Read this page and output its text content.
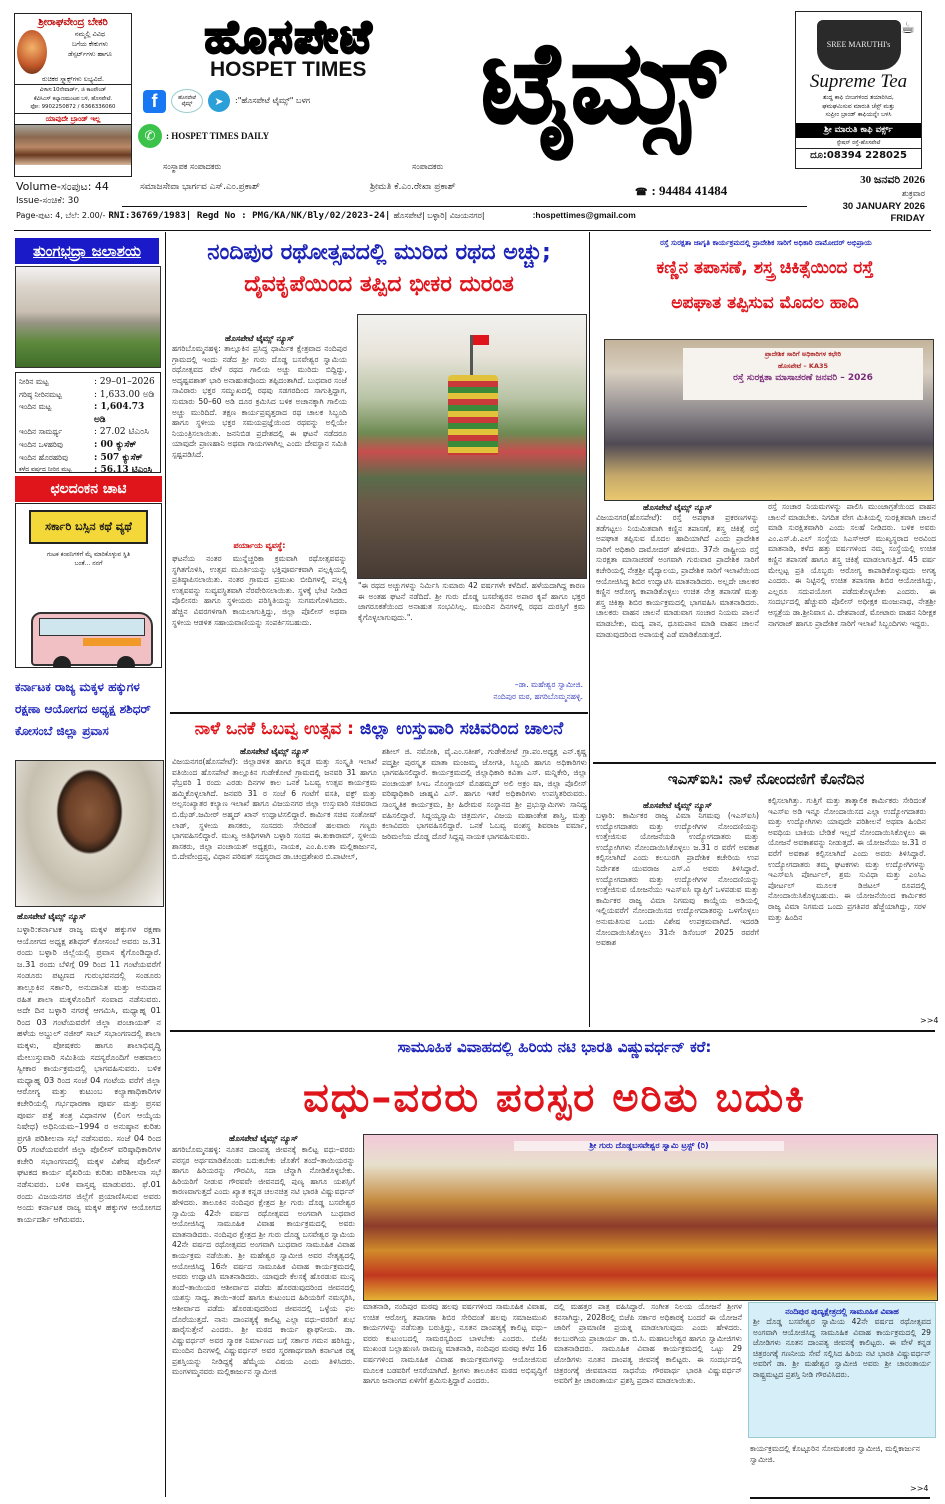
ಶ್ರೀರಾಘವೇಂದ್ರ ಬೇಕರಿ
ನಮ್ಮಲ್ಲಿ ವಿವಿಧ
ಬಗೆಯ ಕೇಕುಗಳು
ಡೆಸ್ಸರ್ಟ್‌ಗಳು ಹಾಗೂ
ರುಚಿಕರ ಸ್ನ್ಯಾಕ್ಸ್‌ಗಳು ಲಭ್ಯವಿದೆ.
ವಿಳಾಸ:10ನೇವಾರ್ಡ್, ಜಿ ಕಾಂಪೌಂಡ್
ಕೆವಿಸಿಎಸ್ ಕಲ್ಯಾಣಮಂಟಪ ಬಳಿ, ಹೊಸಪೇಟೆ.
ಫೋ: 9902250872 / 6366336060
ಯಾವುದೇ ಬ್ರಾಂಡ್ ಇಲ್ಲ
ಹೊಸಪೇಟೆ
HOSPET TIMES
f	ಹೊಸಪೇಟೆ ಟೈಮ್ಸ್	➤	:"ಹೊಸಪೇಟೆ ಟೈಮ್ಸ್" ಬಳಗ
✆	: HOSPET TIMES DAILY	ಟೈಮ್ಸ್	SREE MARUTHI's
☕
Supreme Tea
ಶುದ್ಧ ಕಾಫಿ ಬೀಜಗಳಿಂದ ತಯಾರಿಸಿದ,
ಘಮಘಮಿಸುವ ಮಾರುತಿ ಚೆಸ್ಟ್ ಮತ್ತು
ಸುಪ್ರೀಂ ಬ್ರಾಂಡ್ ಕಾಫಿಯನ್ನೇ ಬಳಸಿ
ಶ್ರೀ ಮಾರುತಿ ಕಾಫಿ ವರ್ಕ್ಸ್
ಸ್ಟೇಷನ್ ರಸ್ತೆ-ಹೊಸಪೇಟೆ
ದೂ:08394 228025
ಸಂಸ್ಥಾಪಕ ಸಂಪಾದಕರು	ಸಂಪಾದಕರು
Volume-ಸಂಪುಟ: 44	ಸಮಾಜಸೇವಾ ಭಾರ್ಗವ ಎಸ್.ಎಂ.ಪ್ರಕಾಶ್	ಶ್ರೀಮತಿ ಕೆ.ಎಂ.ರೇಖಾ ಪ್ರಕಾಶ್	☎ : 94484 41484
30 ಜನವರಿ 2026
ಶುಕ್ರವಾರ
30 JANUARY 2026
FRIDAY
Issue-ಸಂಚಿಕೆ: 30
Page-ಪುಟ: 4, ಬೆಲೆ: 2.00/- RNI:36769/1983| Regd No : PMG/KA/NK/Bly/02/2023-24| ಹೊಸಪೇಟೆ| ಬಳ್ಳಾರಿ| ವಿಜಯನಗರ|	:hospettimes@gmail.com
ತುಂಗಭದ್ರಾ ಜಲಾಶಯ
ನೀರಿನ ಮಟ್ಟ	: 29–01–2026
ಗರಿಷ್ಠ ನೀರಿನಮಟ್ಟ	: 1,633.00 ಅಡಿ
ಇಂದಿನ ಮಟ್ಟ	: 1,604.73 ಅಡಿ
ಇಂದಿನ ಸಾಮರ್ಥ್ಯ	: 27.02 ಟಿಎಂಸಿ
ಇಂದಿನ ಒಳಹರಿವು	: 00 ಕ್ಯುಸೆಕ್
ಇಂದಿನ ಹೊರಹರಿವು	: 507 ಕ್ಯುಸೆಕ್
ಕಳೆದ ವರ್ಷದ ನೀರಿನ ಮಟ್ಟ	: 56.13 ಟಿಎಂಸಿ
ಛಲದಂಕನ ಚಾಟಿ
ಸರ್ಕಾರಿ ಬಸ್ಸಿನ ಕಥೆ ವ್ಯಥೆ
ಗುಟಕ ಕಂಪನಿಗಳಿಗೆ ಮೈ ಮಾರಿಕೊಳ್ಳುವ ಸ್ಥಿತಿ ಬಂತೆ... ನನಗೆ
ಕರ್ನಾಟಕ ರಾಜ್ಯ ಮಕ್ಕಳ ಹಕ್ಕುಗಳ ರಕ್ಷಣಾ ಆಯೋಗದ ಅಧ್ಯಕ್ಷ ಶಶಿಧರ್ ಕೋಸಂಬೆ ಜಿಲ್ಲಾ ಪ್ರವಾಸ
ಹೊಸಪೇಟೆ ಟೈಮ್ಸ್ ನ್ಯೂಸ್
ಬಳ್ಳಾರಿ:ಕರ್ನಾಟಕ ರಾಜ್ಯ ಮಕ್ಕಳ ಹಕ್ಕುಗಳ ರಕ್ಷಣಾ ಆಯೋಗದ ಅಧ್ಯಕ್ಷ ಶಶಿಧರ್ ಕೋಸಂಬೆ ಅವರು ಜ.31 ರಂದು ಬಳ್ಳಾರಿ ಜಿಲ್ಲೆಯಲ್ಲಿ ಪ್ರವಾಸ ಕೈಗೊಂಡಿದ್ದಾರೆ. ಜ.31 ರಂದು ಬೆಳಿಗ್ಗೆ 09 ರಿಂದ 11 ಗಂಟೆಯವರೆಗೆ ಸಂಡೂರು ಪಟ್ಟಣದ ಗುರುಭವನದಲ್ಲಿ ಸಂಡೂರು ತಾಲ್ಲೂಕಿನ ಸರ್ಕಾರಿ, ಅನುದಾನಿತ ಮತ್ತು ಅನುದಾನ ರಹಿತ ಶಾಲಾ ಮಕ್ಕಳೊಂದಿಗೆ ಸಂವಾದ ನಡೆಸುವರು. ಅದೇ ದಿನ ಬಳ್ಳಾರಿ ನಗರಕ್ಕೆ ಆಗಮಿಸಿ, ಮಧ್ಯಾಹ್ನ 01 ರಿಂದ 03 ಗಂಟೆಯವರೆಗೆ ಜಿಲ್ಲಾ ಪಂಚಾಯತ್ ನ ಹಳೆಯ ಅಬ್ದುಲ್ ನಜೀರ್ ಸಾಬ್ ಸಭಾಂಗಣದಲ್ಲಿ ಶಾಲಾ ಮಕ್ಕಳು, ಪೋಷಕರು ಹಾಗೂ ಶಾಲಾಭಿವೃದ್ಧಿ ಮೇಲುಸ್ತುವಾರಿ ಸಮಿತಿಯ ಸದಸ್ಯರೊಂದಿಗೆ ಅಹವಾಲು ಸ್ವೀಕಾರ ಕಾರ್ಯಕ್ರಮದಲ್ಲಿ ಭಾಗವಹಿಸುವರು. ಬಳಿಕ ಮಧ್ಯಾಹ್ನ 03 ರಿಂದ ಸಂಜೆ 04 ಗಂಟೆಯ ವರೆಗೆ ಜಿಲ್ಲಾ ಆರೋಗ್ಯ ಮತ್ತು ಕುಟುಂಬ ಕಲ್ಯಾಣಾಧಿಕಾರಿಗಳ ಕಚೇರಿಯಲ್ಲಿ ಗರ್ಭಧಾರಣಾ ಪೂರ್ವ ಮತ್ತು ಪ್ರಸವ ಪೂರ್ವ ಪತ್ತೆ ತಂತ್ರ ವಿಧಾನಗಳ (ಲಿಂಗ ಆಯ್ಕೆಯ ನಿಷೇಧ) ಅಧಿನಿಯಮ–1994 ರ ಅನುಷ್ಠಾನ ಕುರಿತು ಪ್ರಗತಿ ಪರಿಶೀಲನಾ ಸಭೆ ನಡೆಸುವರು. ಸಂಜೆ 04 ರಿಂದ 05 ಗಂಟೆಯವರೆಗೆ ಜಿಲ್ಲಾ ಪೊಲೀಸ್ ವರಿಷ್ಠಾಧಿಕಾರಿಗಳ ಕಚೇರಿ ಸಭಾಂಗಣದಲ್ಲಿ ಮಕ್ಕಳ ವಿಶೇಷ ಪೊಲೀಸ್ ಘಟಕದ ಕಾರ್ಯ ವೈಖರಿಯ ಕುರಿತು ಪರಿಶೀಲನಾ ಸಭೆ ನಡೆಸುವರು. ಬಳಿಕ ವಾಸ್ತವ್ಯ ಮಾಡುವರು. ಫೆ.01 ರಂದು ವಿಜಯನಗರ ಜಿಲ್ಲೆಗೆ ಪ್ರಯಾಣಿಸಿಸುವ ಅವರು ಅಂದು ಕರ್ನಾಟಕ ರಾಜ್ಯ ಮಕ್ಕಳ ಹಕ್ಕುಗಳ ಆಯೋಗದ ಕಾರ್ಯದರ್ಶಿ ಆಗಿರುವರು.
ನಂದಿಪುರ ರಥೋತ್ಸವದಲ್ಲಿ ಮುರಿದ ರಥದ ಅಚ್ಚು;
ದೈವಕೃಪೆಯಿಂದ ತಪ್ಪಿದ ಭೀಕರ ದುರಂತ
ಹೊಸಪೇಟೆ ಟೈಮ್ಸ್ ನ್ಯೂಸ್
ಹಗರಿಬೊಮ್ಮನಹಳ್ಳಿ: ತಾಲ್ಲೂಕಿನ ಪ್ರಸಿದ್ಧ ಧಾರ್ಮಿಕ ಕ್ಷೇತ್ರವಾದ ನಂದಿಪುರ ಗ್ರಾಮದಲ್ಲಿ ಇಂದು ನಡೆದ ಶ್ರೀ ಗುರು ದೊಡ್ಡ ಬಸವೇಶ್ವರ ಸ್ವಾಮಿಯ ರಥೋತ್ಸವದ ವೇಳೆ ರಥದ ಗಾಲಿಯ ಅಚ್ಚು ಮುರಿದು ಬಿದ್ದಿದ್ದು, ಅದೃಷ್ಟವಶಾತ್ ಭಾರಿ ಅನಾಹುತವೊಂದು ತಪ್ಪಿದಂತಾಗಿದೆ. ಬುಧವಾರ ಸಂಜೆ ಸಾವಿರಾರು ಭಕ್ತರ ಸಮ್ಮುಖದಲ್ಲಿ ರಥವು ಸಡಗರದಿಂದ ಸಾಗುತ್ತಿದ್ದಾಗ, ಸುಮಾರು 50–60 ಅಡಿ ದೂರ ಕ್ರಮಿಸಿದ ಬಳಿಕ ಅಚಾನಕ್ಕಾಗಿ ಗಾಲಿಯ ಅಚ್ಚು ಮುರಿದಿದೆ. ತಕ್ಷಣ ಕಾರ್ಯಪ್ರವೃತ್ತರಾದ ರಥ ಚಾಲಕ ಸಿಬ್ಬಂದಿ ಹಾಗೂ ಸ್ಥಳೀಯ ಭಕ್ತರ ಸಮಯಪ್ರಜ್ಞೆಯಿಂದ ರಥವನ್ನು ಅಲ್ಲಿಯೇ ನಿಯಂತ್ರಿಸಲಾಯಿತು. ಜನನಿಬಿಡ ಪ್ರದೇಶದಲ್ಲಿ ಈ ಘಟನೆ ನಡೆದರೂ ಯಾವುದೇ ಪ್ರಾಣಹಾನಿ ಅಥವಾ ಗಾಯಗಳಾಗಿಲ್ಲ ಎಂದು ದೇವಸ್ಥಾನ ಸಮಿತಿ ಸ್ಪಷ್ಟಪಡಿಸಿದೆ.
ಪರ್ಯಾಯ ವ್ಯವಸ್ಥೆ:
ಘಟನೆಯ ನಂತರ ಮುನ್ನೆಚ್ಚರಿಕಾ ಕ್ರಮವಾಗಿ ರಥೋತ್ಸವವನ್ನು ಸ್ಥಗಿತಗೊಳಿಸಿ, ಉತ್ಸವ ಮೂರ್ತಿಯನ್ನು ಭಕ್ತಿಪೂರ್ವಕವಾಗಿ ಪಲ್ಲಕ್ಕಿಯಲ್ಲಿ ಪ್ರತಿಷ್ಠಾಪಿಸಲಾಯಿತು. ನಂತರ ಗ್ರಾಮದ ಪ್ರಮುಖ ಬೀದಿಗಳಲ್ಲಿ ಪಲ್ಲಕ್ಕಿ ಉತ್ಸವವನ್ನು ಸುವ್ಯವಸ್ಥಿತವಾಗಿ ನೆರವೇರಿಸಲಾಯಿತು. ಸ್ಥಳಕ್ಕೆ ಭೇಟಿ ನೀಡಿದ ಪೊಲೀಸರು ಹಾಗೂ ಸ್ಥಳೀಯರು ಪರಿಸ್ಥಿತಿಯನ್ನು ಸುಗಮಗೊಳಿಸಿದರು. ಹೆಚ್ಚಿನ ವಿವರಗಳಿಗಾಗಿ ಕಾಯಲಾಗುತ್ತಿದ್ದು, ಜಿಲ್ಲಾ ಪೊಲೀಸ್ ಅಥವಾ ಸ್ಥಳೀಯ ಆಡಳಿತ ಸಹಾಯವಾಣಿಯನ್ನು ಸಂಪರ್ಕಿಸಬಹುದು.
"ಈ ರಥದ ಅಚ್ಚುಗಳನ್ನು ನಿರ್ಮಿಸಿ ಸುಮಾರು 42 ವರ್ಷಗಳೇ ಕಳೆದಿವೆ. ಹಳೆಯದಾಗಿದ್ದ ಕಾರಣ ಈ ಅಂತಹ ಘಟನೆ ನಡೆದಿದೆ. ಶ್ರೀ ಗುರು ದೊಡ್ಡ ಬಸವೇಶ್ವರನ ಅಪಾರ ಕೃಪೆ ಹಾಗೂ ಭಕ್ತರ ಜಾಗರೂಕತೆಯಿಂದ ಅನಾಹುತ ಸಂಭವಿಸಿಲ್ಲ. ಮುಂದಿನ ದಿನಗಳಲ್ಲಿ ರಥದ ದುರಸ್ತಿಗೆ ಕ್ರಮ ಕೈಗೊಳ್ಳಲಾಗುವುದು.".
–ಡಾ. ಮಹೇಶ್ವರ ಸ್ವಾಮೀಜಿ.
ನಂದಿಪುರ ಮಠ, ಹಗರಿಬೊಮ್ಮನಹಳ್ಳಿ.
ನಾಳೆ ಒನಕೆ ಓಬವ್ವ ಉತ್ಸವ : ಜಿಲ್ಲಾ ಉಸ್ತುವಾರಿ ಸಚಿವರಿಂದ ಚಾಲನೆ
ಹೊಸಪೇಟೆ ಟೈಮ್ಸ್ ನ್ಯೂಸ್
ವಿಜಯನಗರ(ಹೊಸಪೇಟೆ): ಜಿಲ್ಲಾಡಳಿತ ಹಾಗೂ ಕನ್ನಡ ಮತ್ತು ಸಂಸ್ಕೃತಿ ಇಲಾಖೆ ವತಿಯಿಂದ ಹೊಸಪೇಟೆ ತಾಲ್ಲೂಕಿನ ಗುಡೇಕೋಟೆ ಗ್ರಾಮದಲ್ಲಿ ಜನವರಿ 31 ಹಾಗೂ ಫೆಬ್ರವರಿ 1 ರಂದು ಎರಡು ದಿನಗಳ ಕಾಲ ಒನಕೆ ಓಬವ್ವ ಉತ್ಸವ ಕಾರ್ಯಕ್ರಮ ಹಮ್ಮಿಕೊಳ್ಳಲಾಗಿದೆ. ಜನವರಿ 31 ರ ಸಂಜೆ 6 ಗಂಟೆಗೆ ವಸತಿ, ವಕ್ಫ್ ಮತ್ತು ಅಲ್ಪಸಂಖ್ಯಾತರ ಕಲ್ಯಾಣ ಇಲಾಖೆ ಹಾಗೂ ವಿಜಯನಗರ ಜಿಲ್ಲಾ ಉಸ್ತುವಾರಿ ಸಚಿವರಾದ ಬಿ.ಝೆಡ್.ಜಮೀರ್ ಅಹ್ಮದ್ ಖಾನ್ ಉದ್ಘಾಟಿಸಲಿದ್ದಾರೆ. ಕಾರ್ಮಿಕ ಸಚಿವ ಸಂತೋಷ್ ಲಾಡ್, ಸ್ಥಳೀಯ ಶಾಸಕರು, ಸಂಸದರು ಸೇರಿದಂತೆ ಹಲವಾರು ಗಣ್ಯರು ಭಾಗವಹಿಸಲಿದ್ದಾರೆ. ಮುಖ್ಯ ಅತಿಥಿಗಳಾಗಿ ಬಳ್ಳಾರಿ ಸಂಸದ ಈ.ತುಕಾರಾಮ್, ಸ್ಥಳೀಯ ಶಾಸಕರು, ಜಿಲ್ಲಾ ಪಂಚಾಯತ್ ಅಧ್ಯಕ್ಷರು, ನಾಯಕ, ಎಂ.ಪಿ.ಲತಾ ಮಲ್ಲಿಕಾರ್ಜುನ, ಬಿ.ದೇವೇಂದ್ರಪ್ಪ, ವಿಧಾನ ಪರಿಷತ್ ಸದಸ್ಯರಾದ ಡಾ.ಚಂದ್ರಶೇಖರ ಬಿ.ಪಾಟೀಲ್,
ಶಶೀಲ್ ಜಿ. ನಮೋಶಿ, ವೈ.ಎಂ.ಸತೀಶ್, ಗುಡೇಕೋಟೆ ಗ್ರಾ.ಪಂ.ಅಧ್ಯಕ್ಷ ಎನ್.ಕೃಷ್ಣ ಪದ್ಮಶ್ರೀ ಪುರಸ್ಕೃತ ಮಾತಾ ಮಂಜಮ್ಮ ಜೋಗತಿ, ಸಿಬ್ಬಂದಿ ಹಾಗೂ ಅಧಿಕಾರಿಗಳು ಭಾಗವಹಿಸಲಿದ್ದಾರೆ. ಕಾರ್ಯಕ್ರಮದಲ್ಲಿ ಜಿಲ್ಲಾಧಿಕಾರಿ ಕವಿತಾ ಎಸ್. ಮನ್ನಿಕೇರಿ, ಜಿಲ್ಲಾ ಪಂಚಾಯತ್ ಸಿಇಒ ನೊಂಗ್ಜಾಯ್ ಮೊಹಮ್ಮದ್ ಅಲಿ ಅಕ್ರಂ ಷಾ, ಜಿಲ್ಲಾ ಪೊಲೀಸ್ ವರಿಷ್ಠಾಧಿಕಾರಿ ಜಾಹ್ನವಿ ಎಸ್. ಹಾಗೂ ಇತರೆ ಅಧಿಕಾರಿಗಳು ಉಪಸ್ಥಿತರಿರುವರು. ಸಾಂಸ್ಕೃತಿಕ ಕಾರ್ಯಕ್ರಮ, ಶ್ರೀ ಹಿರೇಮಠ ಸಂಸ್ಥಾನದ ಶ್ರೀ ಪ್ರಭುಸ್ವಾಮಿಗಳು ಸಾನಿಧ್ಯ ವಹಿಸಲಿದ್ದಾರೆ. ಸಿದ್ದಯ್ಯಸ್ವಾಮಿ ಚಿತ್ರದುರ್ಗ, ವಿಜಯ ಮಹಾಂತೇಶ ಶಾಸ್ತ್ರಿ, ಮತ್ತು ಕಲಾವಿದರು ಭಾಗವಹಿಸಲಿದ್ದಾರೆ. ಒನಕೆ ಓಬವ್ವ ವಂಶಸ್ಥ ಶಿವರಾಜ ವರ್ಮಾ, ಜರಿಮಲೆಯ ದೊಡ್ಡ ದೊರೆ ಸಿದ್ದಪ್ಪ ನಾಯಕ ಭಾಗವಹಿಸುವರು.
ರಸ್ತೆ ಸುರಕ್ಷತಾ ಜಾಗೃತಿ ಕಾರ್ಯಕ್ರಮದಲ್ಲಿ ಪ್ರಾದೇಶಿಕ ಸಾರಿಗೆ ಅಧಿಕಾರಿ ದಾಮೋದರ್ ಅಭಿಪ್ರಾಯ
ಕಣ್ಣಿನ ತಪಾಸಣೆ, ಶಸ್ತ್ರ ಚಿಕಿತ್ಸೆಯಿಂದ ರಸ್ತೆ
ಅಪಘಾತ ತಪ್ಪಿಸುವ ಮೊದಲ ಹಾದಿ
ಪ್ರಾದೇಶಿಕ ಸಾರಿಗೆ ಅಧಿಕಾರಿಗಳ ಕಛೇರಿ
ಹೊಸಪೇಟೆ – KA35
ರಸ್ತೆ ಸುರಕ್ಷತಾ ಮಾಸಾಚರಣೆ ಜನವರಿ – 2026
ಹೊಸಪೇಟೆ ಟೈಮ್ಸ್ ನ್ಯೂಸ್
ವಿಜಯನಗರ(ಹೊಸಪೇಟೆ): ರಸ್ತೆ ಅಪಘಾತ ಪ್ರಕರಣಗಳನ್ನು ತಡೆಗಟ್ಟಲು ನಿಯಮಿತವಾಗಿ ಕಣ್ಣಿನ ತಪಾಸಣೆ, ಶಸ್ತ್ರ ಚಿಕಿತ್ಸೆ ರಸ್ತೆ ಅಪಘಾತ ತಪ್ಪಿಸುವ ಮೊದಲ ಹಾದಿಯಾಗಿದೆ ಎಂದು ಪ್ರಾದೇಶಿಕ ಸಾರಿಗೆ ಅಧಿಕಾರಿ ದಾಮೋದರ್ ಹೇಳಿದರು. 37ನೇ ರಾಷ್ಟ್ರೀಯ ರಸ್ತೆ ಸುರಕ್ಷತಾ ಮಾಸಾಚರಣೆ ಅಂಗವಾಗಿ ಗುರುವಾರ ಪ್ರಾದೇಶಿಕ ಸಾರಿಗೆ ಕಚೇರಿಯಲ್ಲಿ ನೇತ್ರಶ್ರೀ ವೈದ್ಯಾಲಯ, ಪ್ರಾದೇಶಿಕ ಸಾರಿಗೆ ಇಲಾಖೆಯಿಂದ ಆಯೋಜಿಸಿದ್ದ ಶಿಬಿರ ಉದ್ಘಾಟಿಸಿ ಮಾತನಾಡಿದರು. ಅಲ್ಲದೇ ಚಾಲಕರ ಕಣ್ಣಿನ ಆರೋಗ್ಯ ಕಾಪಾಡಿಕೊಳ್ಳಲು ಉಚಿತ ನೇತ್ರ ತಪಾಸಣೆ ಮತ್ತು ಶಸ್ತ್ರ ಚಿಕಿತ್ಸಾ ಶಿಬಿರ ಕಾರ್ಯಕ್ರಮದಲ್ಲಿ ಭಾಗವಹಿಸಿ ಮಾತನಾಡಿದರು. ಚಾಲಕರು ವಾಹನ ಚಾಲನೆ ಮಾಡುವಾಗ ಸಂಚಾರ ನಿಯಮ ಪಾಲನೆ ಮಾಡಬೇಕು, ಮದ್ಯ ಪಾನ, ಧೂಮಪಾನ ಮಾಡಿ ವಾಹನ ಚಾಲನೆ ಮಾಡುವುದರಿಂದ ಅಪಾಯಕ್ಕೆ ಎಡೆ ಮಾಡಿಕೊಡುತ್ತದೆ.
ರಸ್ತೆ ಸಂಚಾರ ನಿಯಮಗಳನ್ನು ಪಾಲಿಸಿ ಮುಂಜಾಗ್ರತೆಯಿಂದ ವಾಹನ ಚಾಲನೆ ಮಾಡಬೇಕು. ನಿಗದಿತ ವೇಗ ಮಿತಿಯಲ್ಲಿ ಸುರಕ್ಷಿತವಾಗಿ ಚಾಲನೆ ಮಾಡಿ ಸುರಕ್ಷಿತವಾಗಿರಿ ಎಂದು ಸಲಹೆ ನೀಡಿದರು. ಬಳಿಕ ಅವರು ಎಂ.ಎಸ್.ಪಿ.ಎಲ್ ಸಂಸ್ಥೆಯ ಸಿಎಸ್ಆರ್ ಮುಖ್ಯಸ್ಥರಾದ ಅರವಿಂದ ಮಾತನಾಡಿ, ಕಳೆದ ಹತ್ತು ವರ್ಷಗಳಿಂದ ನಮ್ಮ ಸಂಸ್ಥೆಯಲ್ಲಿ ಉಚಿತ ಕಣ್ಣಿನ ತಪಾಸಣೆ ಹಾಗೂ ಶಸ್ತ್ರ ಚಿಕಿತ್ಸೆ ಮಾಡಲಾಗುತ್ತಿದೆ. 45 ವರ್ಷ ಮೇಲ್ಪಟ್ಟ ಪ್ರತಿ ಯೊಬ್ಬರು ಆರೋಗ್ಯ ಕಾಪಾಡಿಕೊಳ್ಳುವುದು ಅಗತ್ಯ ಎಂದರು. ಈ ನಿಟ್ಟಿನಲ್ಲಿ ಉಚಿತ ತಪಾಸಣಾ ಶಿಬಿರ ಆಯೋಜಿಸಿದ್ದು, ಎಲ್ಲರೂ ಸದುಪಯೋಗ ಪಡೆದುಕೊಳ್ಳಬೇಕು ಎಂದರು. ಈ ಸಂದರ್ಭದಲ್ಲಿ ಹೆಚ್ಚುವರಿ ಪೊಲೀಸ್ ಅಧೀಕ್ಷಕ ಮಂಜುನಾಥ, ನೇತ್ರಶ್ರೀ ಆಸ್ಪತ್ರೆಯ ಡಾ.ಶ್ರೀನಿವಾಸ ವಿ. ದೇಶಪಾಂಡೆ, ಮೋಟಾರು ವಾಹನ ನಿರೀಕ್ಷಕ ನಾಗರಾಜ್ ಹಾಗೂ ಪ್ರಾದೇಶಿಕ ಸಾರಿಗೆ ಇಲಾಖೆ ಸಿಬ್ಬಂದಿಗಳು ಇದ್ದರು.
ಇಎಸ್ಐಸಿ: ನಾಳೆ ನೋಂದಣಿಗೆ ಕೊನೆದಿನ
ಹೊಸಪೇಟೆ ಟೈಮ್ಸ್ ನ್ಯೂಸ್
ಬಳ್ಳಾರಿ: ಕಾರ್ಮಿಕರ ರಾಜ್ಯ ವಿಮಾ ನಿಗಮವು (ಇಎಸ್ಐಸಿ) ಉದ್ಯೋಗದಾತರು ಮತ್ತು ಉದ್ಯೋಗಿಗಳ ನೋಂದಣಿಯನ್ನು ಉತ್ತೇಜಿಸುವ ಯೋಜನೆಯಡಿ ಉದ್ಯೋಗದಾತರು ಮತ್ತು ಉದ್ಯೋಗಿಗಳು ನೋಂದಾಯಿಸಿಕೊಳ್ಳಲು ಜ.31 ರ ವರೆಗೆ ಅವಕಾಶ ಕಲ್ಪಿಸಲಾಗಿದೆ ಎಂದು ಕಲಬುರಗಿ ಪ್ರಾದೇಶಿಕ ಕಚೇರಿಯ ಉಪ ನಿರ್ದೇಶಕ ಯುವರಾಜ ಎಸ್.ವಿ ಅವರು ತಿಳಿಸಿದ್ದಾರೆ. ಉದ್ಯೋಗದಾತರು ಮತ್ತು ಉದ್ಯೋಗಿಗಳ ನೋಂದಣಿಯನ್ನು ಉತ್ತೇಜಿಸುವ ಯೋಜನೆಯು ಇಎಸ್ಐಸಿ ವ್ಯಾಪ್ತಿಗೆ ಒಳಪಡುವ ಮತ್ತು ಕಾರ್ಮಿಕರ ರಾಜ್ಯ ವಿಮಾ ನಿಗಮವು ಕಾಯ್ದೆಯ ಅಡಿಯಲ್ಲಿ ಇಲ್ಲಿಯವರೆಗೆ ನೋಂದಾಯಿಸದ ಉದ್ಯೋಗದಾತರನ್ನು ಒಳಗೊಳ್ಳಲು ಅನುಮತಿಸುವ ಒಂದು ವಿಶೇಷ ಉಪಕ್ರಮವಾಗಿದೆ. ಇದರಡಿ ನೋಂದಾಯಿಸಿಕೊಳ್ಳಲು 31ನೇ ಡಿಸೆಂಬರ್ 2025 ರವರೆಗೆ ಅವಕಾಶ
ಕಲ್ಪಿಸಲಾಗಿತ್ತು. ಗುತ್ತಿಗೆ ಮತ್ತು ತಾತ್ಕಾಲಿಕ ಕಾರ್ಮಿಕರು ಸೇರಿದಂತೆ ಇಎಸ್ಐ ಅಡಿ ಇನ್ನೂ ನೋಂದಾಯಿಸದ ಎಲ್ಲಾ ಉದ್ಯೋಗದಾತರು ಮತ್ತು ಉದ್ಯೋಗಿಗಳು ಯಾವುದೇ ಪರಿಶೀಲನೆ ಅಥವಾ ಹಿಂದಿನ ಅವಧಿಯ ಬಾಕಿಯ ಬೇಡಿಕೆ ಇಲ್ಲದೆ ನೋಂದಾಯಿಸಿಕೊಳ್ಳಲು ಈ ಯೋಜನೆ ಅವಕಾಶವನ್ನು ನೀಡುತ್ತದೆ. ಈ ಯೋಜನೆಯು ಜ.31 ರ ವರೆಗೆ ಅವಕಾಶ ಕಲ್ಪಿಸಲಾಗಿದೆ ಎಂದು ಅವರು ತಿಳಿಸಿದ್ದಾರೆ. ಉದ್ಯೋಗದಾತರು ತಮ್ಮ ಘಟಕಗಳು ಮತ್ತು ಉದ್ಯೋಗಿಗಳನ್ನು ಇಎಸ್ಐಸಿ ಪೋರ್ಟಲ್, ಶ್ರಮ ಸುವಿಧಾ ಮತ್ತು ಎಂಸಿಎ ಪೋರ್ಟಲ್ ಮೂಲಕ ಡಿಜಿಟಲ್ ರೂಪದಲ್ಲಿ ನೋಂದಾಯಿಸಿಕೊಳ್ಳಬಹುದು. ಈ ಯೋಜನೆಯಿಂದ ಕಾರ್ಮಿಕರ ರಾಜ್ಯ ವಿಮಾ ನಿಗಮದ ಒಂದು ಪ್ರಗತಿಪರ ಹೆಜ್ಜೆಯಾಗಿದ್ದು, ಸರಳ ಮತ್ತು ಹಿಂದಿನ
>>4
ಸಾಮೂಹಿಕ ವಿವಾಹದಲ್ಲಿ ಹಿರಿಯ ನಟಿ ಭಾರತಿ ವಿಷ್ಣುವರ್ಧನ್ ಕರೆ:
ವಧು–ವರರು ಪರಸ್ಪರ ಅರಿತು ಬದುಕಿ
ಹೊಸಪೇಟೆ ಟೈಮ್ಸ್ ನ್ಯೂಸ್
ಹಗರಿಬೊಮ್ಮನಹಳ್ಳಿ: ನೂತನ ದಾಂಪತ್ಯ ಜೀವನಕ್ಕೆ ಕಾಲಿಟ್ಟ ವಧು–ವರರು ಪರಸ್ಪರ ಅರ್ಥಮಾಡಿಕೊಂಡು ಬದುಕಬೇಕು ಜೊತೆಗೆ ತಂದೆ–ತಾಯಿಯರನ್ನು ಹಾಗೂ ಹಿರಿಯರನ್ನು ಗೌರವಿಸಿ, ಸದಾ ಚೆನ್ನಾಗಿ ನೋಡಿಕೊಳ್ಳಬೇಕು. ಹಿರಿಯರಿಗೆ ನೀಡುವ ಗೌರವವೇ ಜೀವನದಲ್ಲಿ ಪುಣ್ಯ ಹಾಗೂ ಯಶಸ್ಸಿಗೆ ಕಾರಣವಾಗುತ್ತದೆ ಎಂದು ಖ್ಯಾತ ಕನ್ನಡ ಚಲನಚಿತ್ರ ನಟಿ ಭಾರತಿ ವಿಷ್ಣುವರ್ಧನ್ ಹೇಳಿದರು. ತಾಲೂಕಿನ ನಂದಿಪುರ ಕ್ಷೇತ್ರದ ಶ್ರೀ ಗುರು ದೊಡ್ಡ ಬಸವೇಶ್ವರ ಸ್ವಾಮಿಯ 42ನೇ ವರ್ಷದ ರಥೋತ್ಸವದ ಅಂಗವಾಗಿ ಬುಧವಾರ ಆಯೋಜಿಸಿದ್ದ ಸಾಮೂಹಿಕ ವಿವಾಹ ಕಾರ್ಯಕ್ರಮದಲ್ಲಿ ಅವರು ಮಾತನಾಡಿದರು. ನಂದಿಪುರ ಕ್ಷೇತ್ರದ ಶ್ರೀ ಗುರು ದೊಡ್ಡ ಬಸವೇಶ್ವರ ಸ್ವಾಮಿಯ 42ನೇ ವರ್ಷದ ರಥೋತ್ಸವದ ಅಂಗವಾಗಿ ಬುಧವಾರ ಸಾಮೂಹಿಕ ವಿವಾಹ ಕಾರ್ಯಕ್ರಮ ನಡೆಯಿತು. ಶ್ರೀ ಮಹೇಶ್ವರ ಸ್ವಾಮೀಜಿ ಅವರ ನೇತೃತ್ವದಲ್ಲಿ ಆಯೋಜಿಸಿದ್ದ 16ನೇ ವರ್ಷದ ಸಾಮೂಹಿಕ ವಿವಾಹ ಕಾರ್ಯಕ್ರಮದಲ್ಲಿ ಅವರು ಉದ್ಘಾಟಿಸಿ ಮಾತನಾಡಿದರು. ಯಾವುದೇ ಕೆಲಸಕ್ಕೆ ಹೊರಡುವ ಮುನ್ನ ತಂದೆ–ತಾಯಿಯರ ಆಶೀರ್ವಾದ ಪಡೆದು ಹೊರಡುವುದರಿಂದ ಜೀವನದಲ್ಲಿ ಯಶಸ್ಸು ಸಾಧ್ಯ. ತಾಯಿ–ತಂದೆ ಹಾಗೂ ಕುಟುಂಬದ ಹಿರಿಯರಿಗೆ ನಮಸ್ಕರಿಸಿ, ಆಶೀರ್ವಾದ ಪಡೆದು ಹೊರಡುವುದರಿಂದ ಜೀವನದಲ್ಲಿ ಒಳ್ಳೆಯ ಫಲ ದೊರೆಯುತ್ತದೆ. ನಾನು ದಾಂಪತ್ಯಕ್ಕೆ ಕಾಲಿಟ್ಟ ಎಲ್ಲಾ ವಧು–ವರರಿಗೆ ಶುಭ ಹಾರೈಸುತ್ತೇನೆ ಎಂದರು. ಶ್ರೀ ಮಠದ ಕಾರ್ಯ ಶ್ಲಾಘನೀಯ. ಡಾ. ವಿಷ್ಣುವರ್ಧನ್ ಅವರ ಸ್ಮಾರಕ ನಿರ್ಮಾಣದ ಬಗ್ಗೆ ಸರ್ಕಾರ ಗಮನ ಹರಿಸಿದ್ದು, ಮುಂದಿನ ದಿನಗಳಲ್ಲಿ ವಿಷ್ಣುವರ್ಧನ್ ಅವರ ಸ್ಮರಣಾರ್ಥವಾಗಿ ಕರ್ನಾಟಕ ರತ್ನ ಪ್ರಶಸ್ತಿಯನ್ನು ನೀಡಿದ್ದಕ್ಕೆ ಹೆಮ್ಮೆಯ ವಿಷಯ ಎಂದು ತಿಳಿಸಿದರು. ಮಂಗಳಮ್ಮನವರು ಮಲ್ಲಿಕಾರ್ಜುನ ಸ್ವಾಮೀಜಿ
ಶ್ರೀ ಗುರು ದೊಡ್ಡಬಸವೇಶ್ವರ ಸ್ವಾಮಿ ಟ್ರಸ್ಟ್ (ರಿ)
ಮಾತನಾಡಿ, ನಂದಿಪುರ ಮಠವು ಹಲವು ವರ್ಷಗಳಿಂದ ಸಾಮೂಹಿಕ ವಿವಾಹ, ಉಚಿತ ಆರೋಗ್ಯ ತಪಾಸಣಾ ಶಿಬಿರ ಸೇರಿದಂತೆ ಹಲವು ಸಮಾಜಮುಖಿ ಕಾರ್ಯಗಳನ್ನು ನಡೆಸುತ್ತಾ ಬರುತ್ತಿದ್ದು, ನೂತನ ದಾಂಪತ್ಯಕ್ಕೆ ಕಾಲಿಟ್ಟ ವಧು–ವರರು ಕುಟುಂಬದಲ್ಲಿ ಸಾಮರಸ್ಯದಿಂದ ಬಾಳಬೇಕು ಎಂದರು. ಬಿಜೆಪಿ ಮುಖಂಡ ಬಲ್ಲಾಹುಣಸಿ ರಾಮಣ್ಣ ಮಾತನಾಡಿ, ನಂದಿಪುರ ಮಠವು ಕಳೆದ 16 ವರ್ಷಗಳಿಂದ ಸಾಮೂಹಿಕ ವಿವಾಹ ಕಾರ್ಯಕ್ರಮಗಳನ್ನು ಆಯೋಜಿಸುವ ಮೂಲಕ ಬಡವರಿಗೆ ಆಸರೆಯಾಗಿದೆ. ಶ್ರೀಗಳು ತಾಲೂಕಿನ ಮಠದ ಅಭಿವೃದ್ಧಿಗೆ ಹಾಗೂ ಜನಾಂಗದ ಏಳಿಗೆಗೆ ಶ್ರಮಿಸುತ್ತಿದ್ದಾರೆ ಎಂದರು.
ದಲ್ಲಿ ಮಹತ್ತರ ಪಾತ್ರ ವಹಿಸಿದ್ದಾರೆ. ಸಂಗೀತ ನಿಲಯ ಯೋಜನೆ ಶ್ರೀಗಳ ಕನಸಾಗಿದ್ದು, 2028ರಲ್ಲಿ ಬಿಜೆಪಿ ಸರ್ಕಾರ ಅಧಿಕಾರಕ್ಕೆ ಬಂದರೆ ಈ ಯೋಜನೆ ಜಾರಿಗೆ ಪ್ರಾಮಾಣಿಕ ಪ್ರಯತ್ನ ಮಾಡಲಾಗುವುದು ಎಂದು ಹೇಳಿದರು. ಕಲಬುರಗಿಯ ಪ್ರಾಚಾರ್ಯ ಡಾ. ಬಿ.ಸಿ. ಮಹಾಬಲೇಶ್ವರ ಹಾಗೂ ಸ್ವಾಮೀಜಿಗಳು ಮಾತನಾಡಿದರು. ಸಾಮೂಹಿಕ ವಿವಾಹ ಕಾರ್ಯಕ್ರಮದಲ್ಲಿ ಒಟ್ಟು 29 ಜೋಡಿಗಳು ನೂತನ ದಾಂಪತ್ಯ ಜೀವನಕ್ಕೆ ಕಾಲಿಟ್ಟರು. ಈ ಸಂದರ್ಭದಲ್ಲಿ ಚಿತ್ರರಂಗಕ್ಕೆ ಜೀವಮಾನದ ಸಾಧನೆಯ ಗೌರವಾರ್ಥ ಭಾರತಿ ವಿಷ್ಣುವರ್ಧನ್ ಅವರಿಗೆ ಶ್ರೀ ಚಾರಂತಾರ್ಯ ಪ್ರಶಸ್ತಿ ಪ್ರದಾನ ಮಾಡಲಾಯಿತು.
ನಂದಿಪುರ ಪುಣ್ಯಕ್ಷೇತ್ರದಲ್ಲಿ ಸಾಮೂಹಿಕ ವಿವಾಹ
ಶ್ರೀ ದೊಡ್ಡ ಬಸವೇಶ್ವರ ಸ್ವಾಮಿಯ 42ನೇ ವರ್ಷದ ರಥೋತ್ಸವದ ಅಂಗವಾಗಿ ಆಯೋಜಿಸಿದ್ದ ಸಾಮೂಹಿಕ ವಿವಾಹ ಕಾರ್ಯಕ್ರಮದಲ್ಲಿ 29 ಜೋಡಿಗಳು ನೂತನ ದಾಂಪತ್ಯ ಜೀವನಕ್ಕೆ ಕಾಲಿಟ್ಟರು. ಈ ವೇಳೆ ಕನ್ನಡ ಚಿತ್ರರಂಗಕ್ಕೆ ಗಣನೀಯ ಸೇವೆ ಸಲ್ಲಿಸಿದ ಹಿರಿಯ ನಟಿ ಭಾರತಿ ವಿಷ್ಣುವರ್ಧನ್ ಅವರಿಗೆ ಡಾ. ಶ್ರೀ ಮಹೇಶ್ವರ ಸ್ವಾಮೀಜಿ ಅವರು ಶ್ರೀ ಚಾರಂತಾರ್ಯ ರಾಷ್ಟ್ರಮಟ್ಟದ ಪ್ರಶಸ್ತಿ ನೀಡಿ ಗೌರವಿಸಿದರು.
ಕಾರ್ಯಕ್ರಮದಲ್ಲಿ ಕೊಟ್ಟೂರಿನ ಸೋಮಶಂಕರ ಸ್ವಾಮೀಜಿ, ಮಲ್ಲಿಕಾರ್ಜುನ ಸ್ವಾಮೀಜಿ.
>>4
